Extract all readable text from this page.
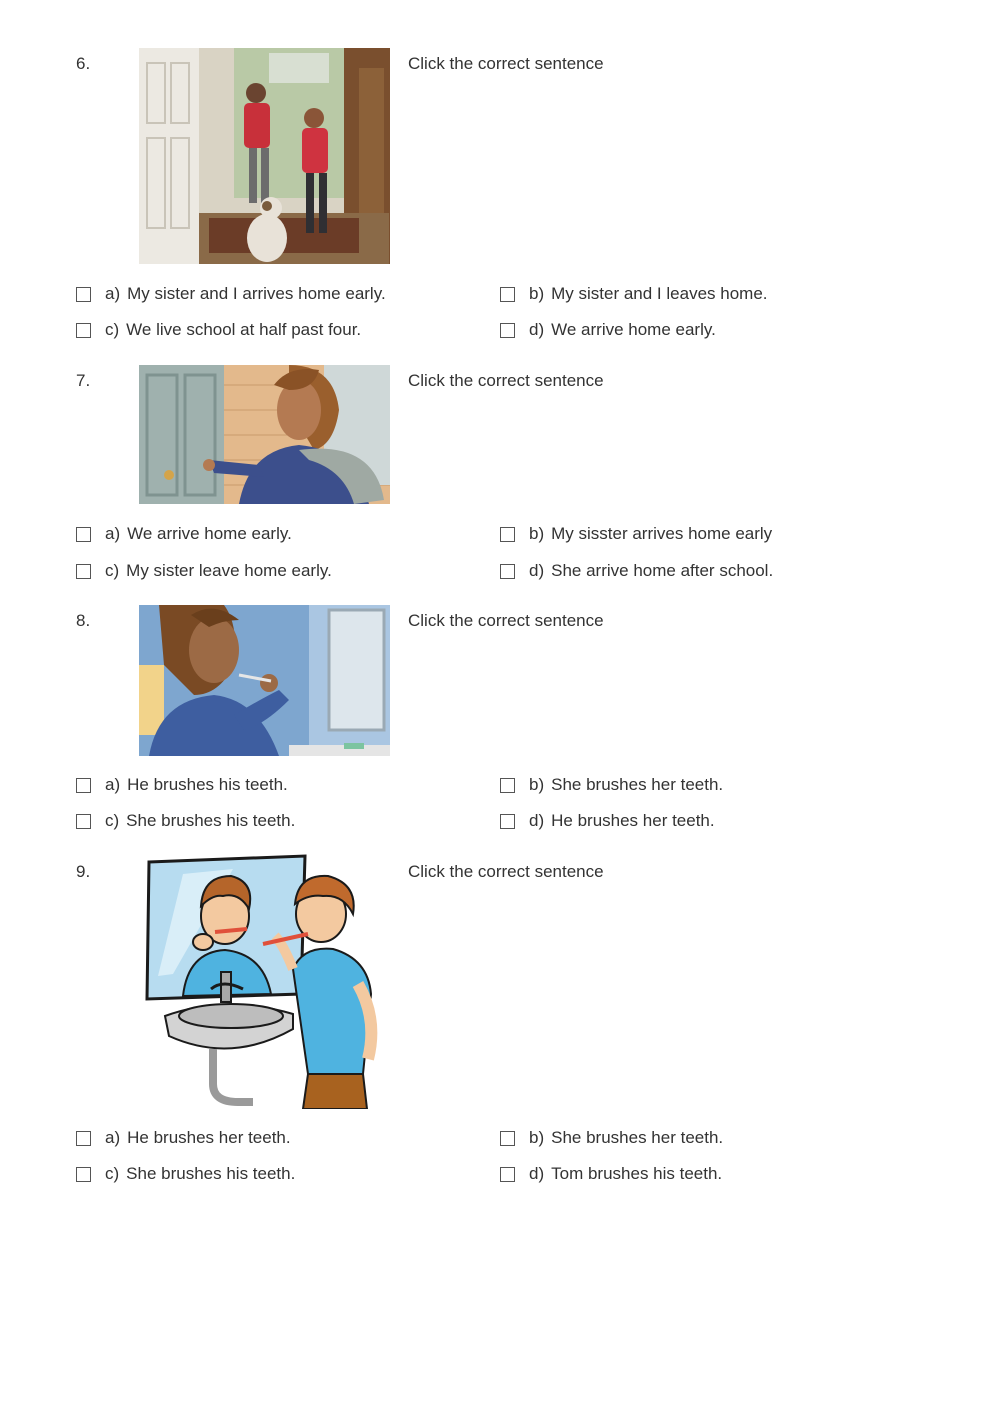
6.	Click the correct sentence
a) My sister and I arrives home early.	b) My sister and I leaves home.
c) We live school at half past four.	d) We arrive home early.
7.	Click the correct sentence
a) We arrive home early.	b) My sisster arrives home early
c) My sister leave home early.	d) She arrive home after school.
8.	Click the correct sentence
a) He brushes his teeth.	b) She brushes her teeth.
c) She brushes his teeth.	d) He brushes her teeth.
9.	Click the correct sentence
a) He brushes her teeth.	b) She brushes her teeth.
c) She brushes his teeth.	d) Tom brushes his teeth.
